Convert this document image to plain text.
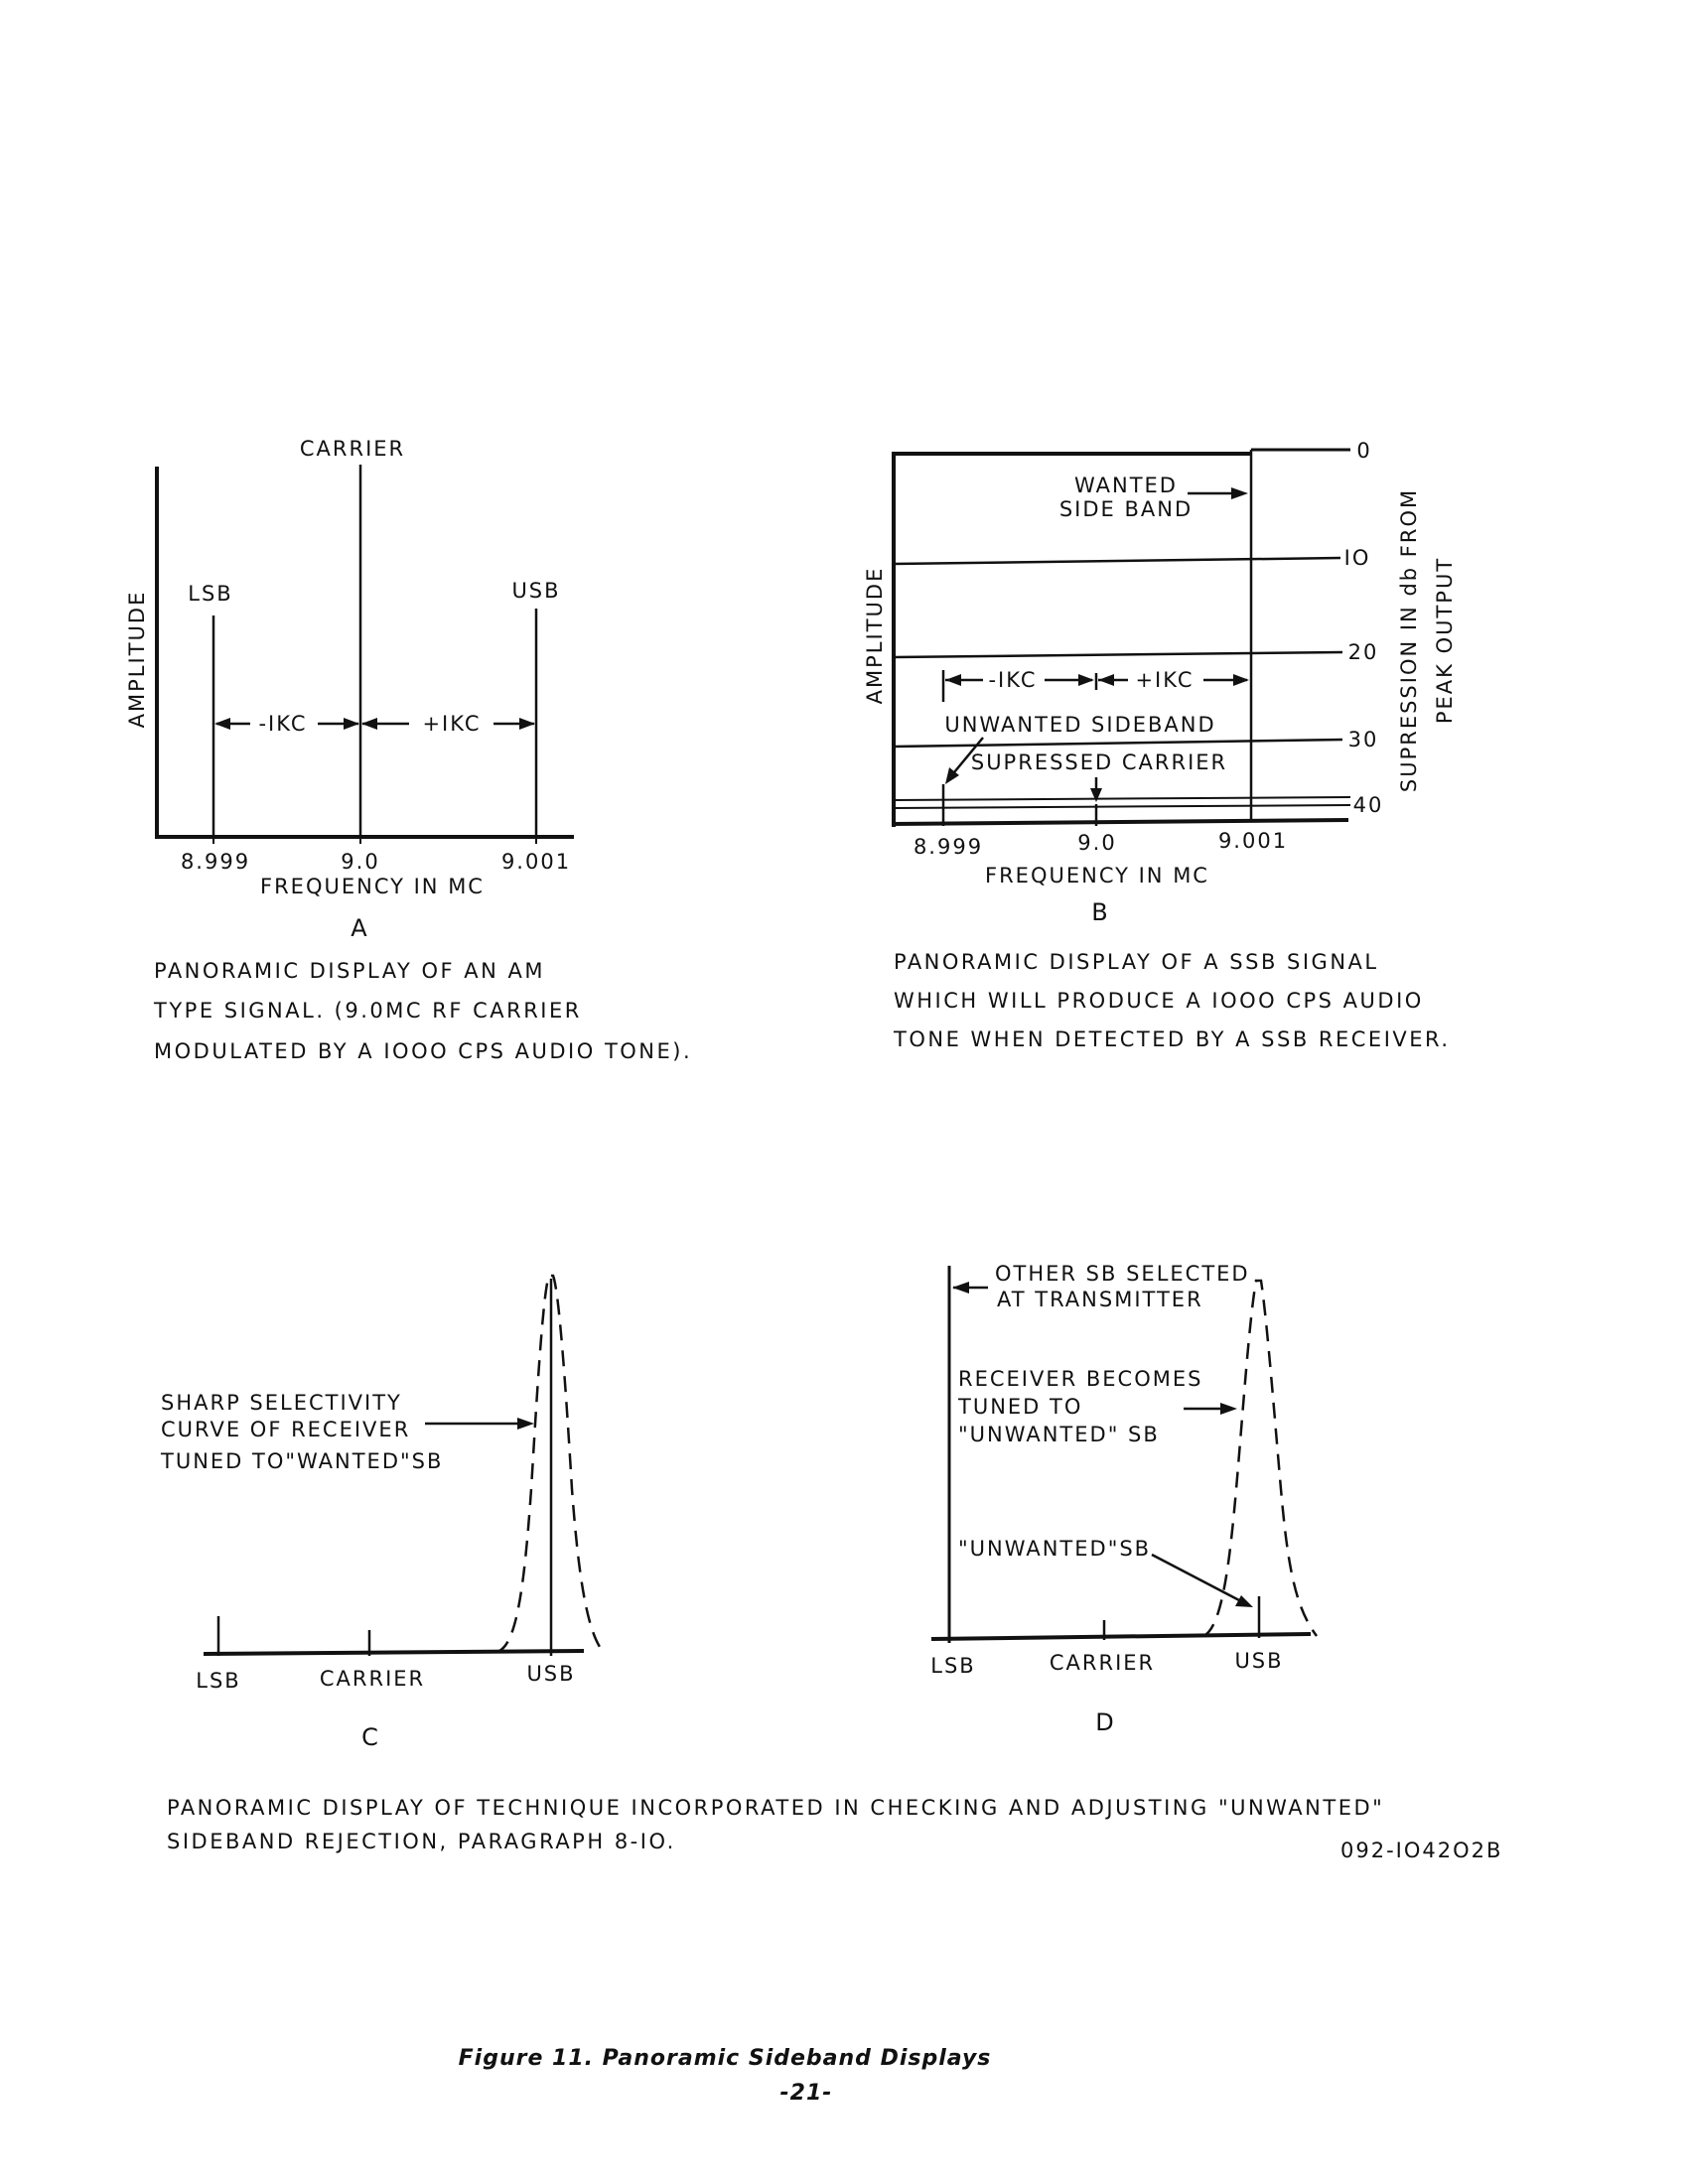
CARRIER
LSB	USB
AMPLITUDE	-IKC	+IKC
8.999	9.0	9.001
FREQUENCY IN MC
A
PANORAMIC DISPLAY OF AN AM
TYPE SIGNAL. (9.0MC RF CARRIER
MODULATED BY A IOOO CPS AUDIO TONE).
WANTED
SIDE BAND
AMPLITUDE	-IKC	+IKC
UNWANTED SIDEBAND
SUPRESSED CARRIER
0
IO
20
30
40
SUPRESSION IN db FROM PEAK OUTPUT
8.999	9.0	9.001
FREQUENCY IN MC
B
PANORAMIC DISPLAY OF A SSB SIGNAL
WHICH WILL PRODUCE A IOOO CPS AUDIO
TONE WHEN DETECTED BY A SSB RECEIVER.
SHARP SELECTIVITY
CURVE OF RECEIVER
TUNED TO"WANTED"SB
LSB	CARRIER	USB
C
OTHER SB SELECTED
AT TRANSMITTER
RECEIVER BECOMES
TUNED TO
"UNWANTED" SB
"UNWANTED"SB
LSB	CARRIER	USB
D
PANORAMIC DISPLAY OF TECHNIQUE INCORPORATED IN CHECKING AND ADJUSTING "UNWANTED"
SIDEBAND REJECTION, PARAGRAPH 8-IO.	092-IO42O2B
Figure 11. Panoramic Sideband Displays
-21-
